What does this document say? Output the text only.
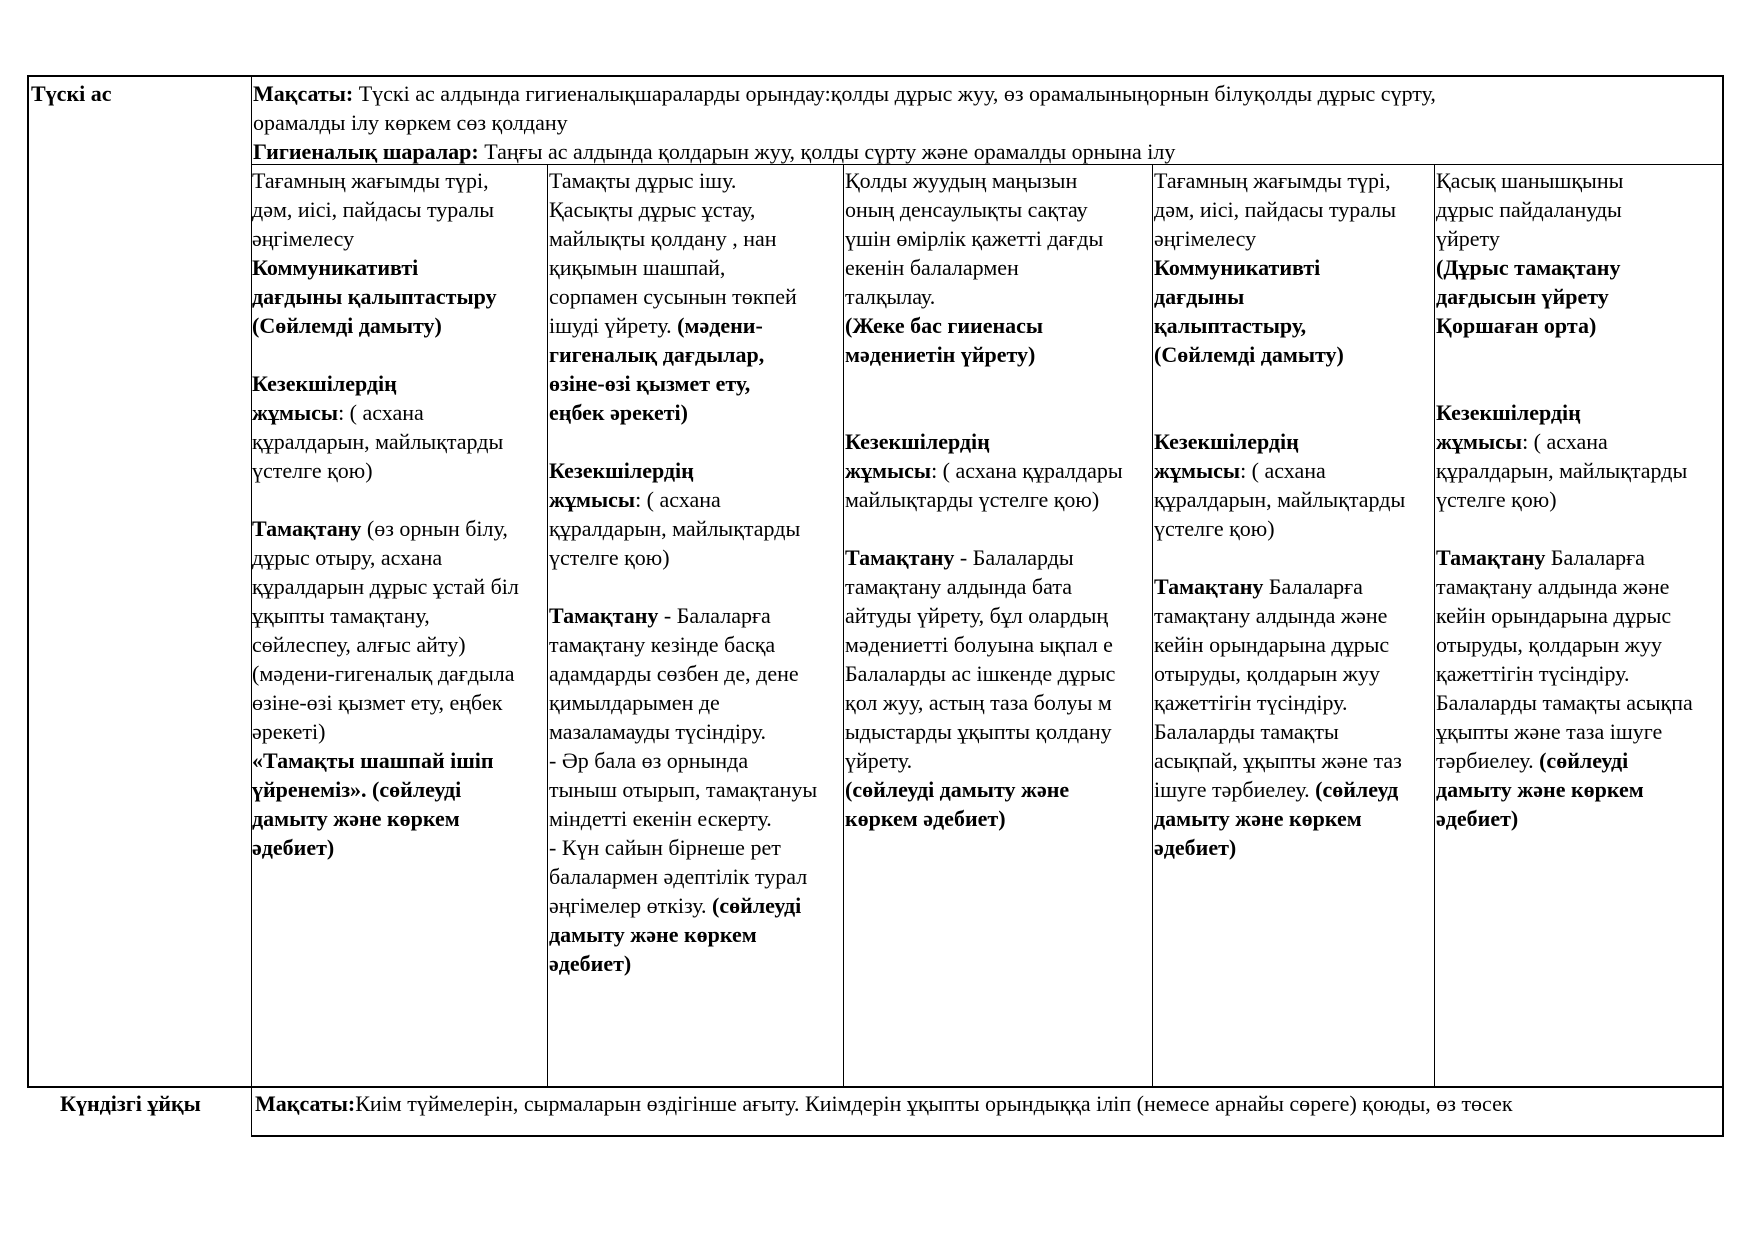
Түскі ас
Күндізгі ұйқы
Мақсаты: Түскі ас алдында гигиеналықшараларды орындау:қолды дұрыс жуу, өз орамалыныңорнын білуқолды дұрыс сүрту,
орамалды ілу көркем сөз қолдану
Гигиеналық шаралар: Таңғы ас алдында қолдарын жуу, қолды сүрту және орамалды орнына ілу
Тағамның жағымды түрі,
дәм, иісі, пайдасы туралы
әңгімелесу
Коммуникативті
дағдыны қалыптастыру
(Сөйлемді дамыту)
Кезекшілердің
жұмысы: ( асхана
құралдарын, майлықтарды
үстелге қою)
Тамақтану (өз орнын білу,
дұрыс отыру, асхана
құралдарын дұрыс ұстай біл
ұқыпты тамақтану,
сөйлеспеу, алғыс айту)
(мәдени-гигеналық дағдыла
өзіне-өзі қызмет ету, еңбек
әрекеті)
«Тамақты шашпай ішіп
үйренеміз». (сөйлеуді
дамыту және көркем
әдебиет)
Тамақты дұрыс ішу.
Қасықты дұрыс ұстау,
майлықты қолдану , нан
қиқымын шашпай,
сорпамен сусынын төкпей
ішуді үйрету. (мәдени-
гигеналық дағдылар,
өзіне-өзі қызмет ету,
еңбек әрекеті)
Кезекшілердің
жұмысы: ( асхана
құралдарын, майлықтарды
үстелге қою)
Тамақтану - Балаларға
тамақтану кезінде басқа
адамдарды сөзбен де, дене
қимылдарымен де
мазаламауды түсіндіру.
- Әр бала өз орнында
тыныш отырып, тамақтануы
міндетті екенін ескерту.
- Күн сайын бірнеше рет
балалармен әдептілік турал
әңгімелер өткізу. (сөйлеуді
дамыту және көркем
әдебиет)
Қолды жуудың маңызын
оның денсаулықты сақтау
үшін өмірлік қажетті дағды
екенін балалармен
талқылау.
(Жеке бас гииенасы
мәдениетін үйрету)
Кезекшілердің
жұмысы: ( асхана құралдары
майлықтарды үстелге қою)
Тамақтану - Балаларды
тамақтану алдында бата
айтуды үйрету, бұл олардың
мәдениетті болуына ықпал е
Балаларды ас ішкенде дұрыс
қол жуу, астың таза болуы м
ыдыстарды ұқыпты қолдану
үйрету.
(сөйлеуді дамыту және
көркем әдебиет)
Тағамның жағымды түрі,
дәм, иісі, пайдасы туралы
әңгімелесу
Коммуникативті
дағдыны
қалыптастыру,
(Сөйлемді дамыту)
Кезекшілердің
жұмысы: ( асхана
құралдарын, майлықтарды
үстелге қою)
Тамақтану Балаларға
тамақтану алдында және
кейін орындарына дұрыс
отыруды, қолдарын жуу
қажеттігін түсіндіру.
Балаларды тамақты
асықпай, ұқыпты және таз
ішуге тәрбиелеу. (сөйлеуд
дамыту және көркем
әдебиет)
Қасық шанышқыны
дұрыс пайдалануды
үйрету
(Дұрыс тамақтану
дағдысын үйрету
Қоршаған орта)
Кезекшілердің
жұмысы: ( асхана
құралдарын, майлықтарды
үстелге қою)
Тамақтану Балаларға
тамақтану алдында және
кейін орындарына дұрыс
отыруды, қолдарын жуу
қажеттігін түсіндіру.
Балаларды тамақты асықпа
ұқыпты және таза ішуге
тәрбиелеу. (сөйлеуді
дамыту және көркем
әдебиет)
Мақсаты:Киім түймелерін, сырмаларын өздігінше ағыту. Киімдерін ұқыпты орындыққа іліп (немесе арнайы сөреге) қоюды, өз төсек
